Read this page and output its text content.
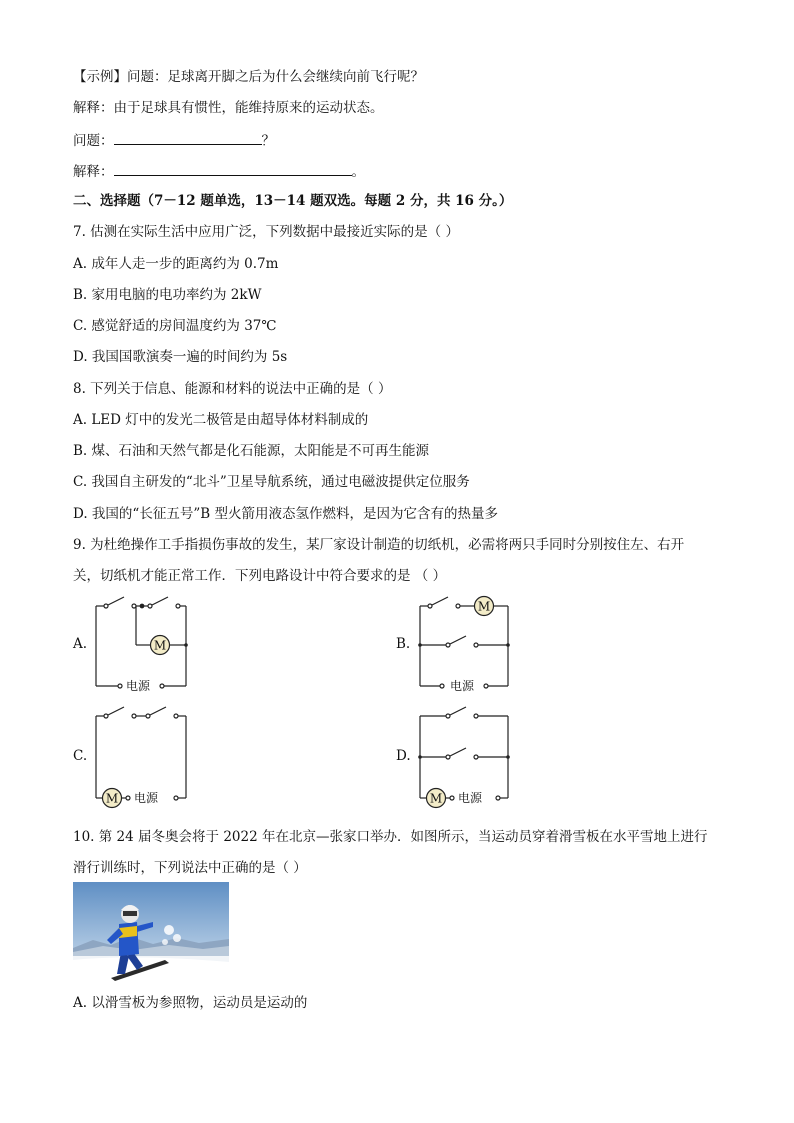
【示例】问题：足球离开脚之后为什么会继续向前飞行呢？
解释：由于足球具有惯性，能维持原来的运动状态。
问题：	？
解释：	。
二、选择题（7－12 题单选，13－14 题双选。每题 2 分，共 16 分。）
7. 估测在实际生活中应用广泛，下列数据中最接近实际的是（ ）
A. 成年人走一步的距离约为 0.7m
B. 家用电脑的电功率约为 2kW
C. 感觉舒适的房间温度约为 37℃
D. 我国国歌演奏一遍的时间约为 5s
8. 下列关于信息、能源和材料的说法中正确的是（ ）
A. LED 灯中的发光二极管是由超导体材料制成的
B. 煤、石油和天然气都是化石能源，太阳能是不可再生能源
C. 我国自主研发的“北斗”卫星导航系统，通过电磁波提供定位服务
D. 我国的“长征五号”B 型火箭用液态氢作燃料，是因为它含有的热量多
9. 为杜绝操作工手指损伤事故的发生，某厂家设计制造的切纸机，必需将两只手同时分别按住左、右开
关，切纸机才能正常工作．下列电路设计中符合要求的是 （ ）
A.	M
电源
B.
M
电源
C.
M 电源
D.
M 电源
10. 第 24 届冬奥会将于 2022 年在北京—张家口举办．如图所示，当运动员穿着滑雪板在水平雪地上进行
滑行训练时，下列说法中正确的是（ ）
A. 以滑雪板为参照物，运动员是运动的
